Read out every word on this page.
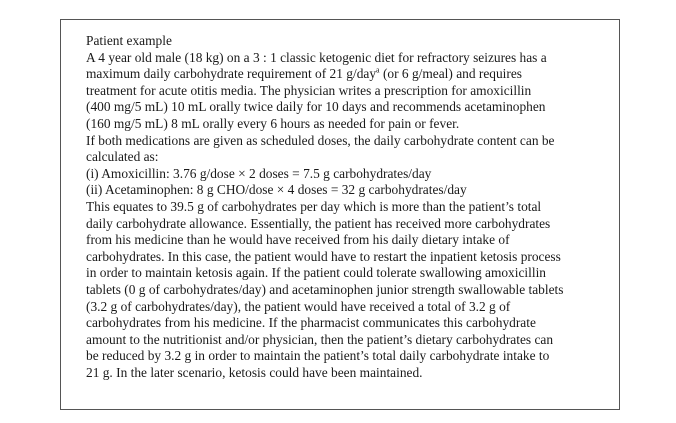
Patient example

A 4 year old male (18 kg) on a 3 : 1 classic ketogenic diet for refractory seizures has a

maximum daily carbohydrate requirement of 21 g/day$^a$ (or 6 g/meal) and requires

treatment for acute otitis media. The physician writes a prescription for amoxicillin

(400 mg/5 mL) 10 mL orally twice daily for 10 days and recommends acetaminophen

(160 mg/5 mL) 8 mL orally every 6 hours as needed for pain or fever.

If both medications are given as scheduled doses, the daily carbohydrate content can be

calculated as:

(i) Amoxicillin: 3.76 g/dose × 2 doses = 7.5 g carbohydrates/day

(ii) Acetaminophen: 8 g CHO/dose × 4 doses = 32 g carbohydrates/day

This equates to 39.5 g of carbohydrates per day which is more than the patient’s total

daily carbohydrate allowance. Essentially, the patient has received more carbohydrates

from his medicine than he would have received from his daily dietary intake of

carbohydrates. In this case, the patient would have to restart the inpatient ketosis process

in order to maintain ketosis again. If the patient could tolerate swallowing amoxicillin

tablets (0 g of carbohydrates/day) and acetaminophen junior strength swallowable tablets

(3.2 g of carbohydrates/day), the patient would have received a total of 3.2 g of

carbohydrates from his medicine. If the pharmacist communicates this carbohydrate

amount to the nutritionist and/or physician, then the patient’s dietary carbohydrates can

be reduced by 3.2 g in order to maintain the patient’s total daily carbohydrate intake to

21 g. In the later scenario, ketosis could have been maintained.
